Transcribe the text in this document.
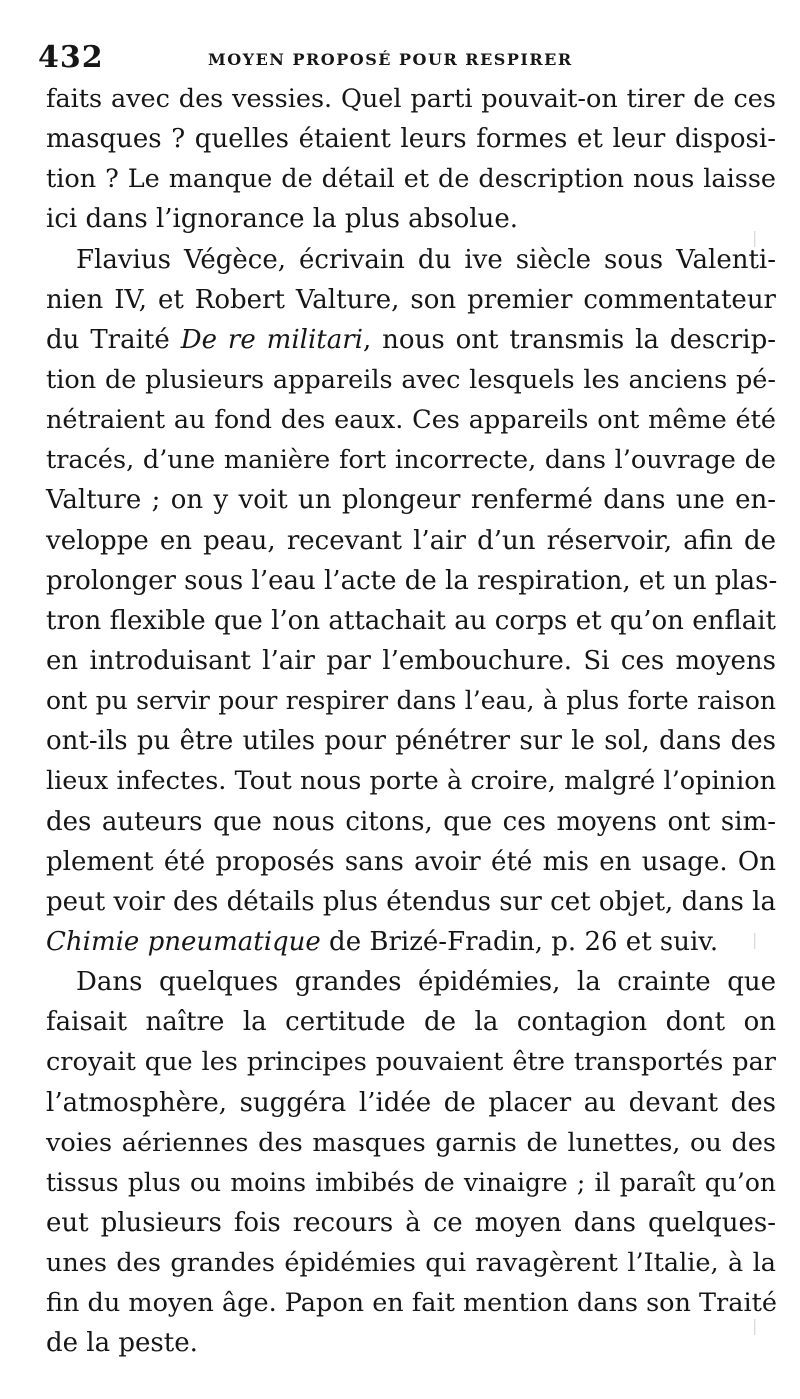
432	MOYEN PROPOSÉ POUR RESPIRER
faits avec des vessies. Quel parti pouvait-on tirer de ces
masques ? quelles étaient leurs formes et leur disposi-
tion ? Le manque de détail et de description nous laisse
ici dans l’ignorance la plus absolue.
Flavius Végèce, écrivain du ive siècle sous Valenti-
nien IV, et Robert Valture, son premier commentateur
du Traité De re militari, nous ont transmis la descrip-
tion de plusieurs appareils avec lesquels les anciens pé-
nétraient au fond des eaux. Ces appareils ont même été
tracés, d’une manière fort incorrecte, dans l’ouvrage de
Valture ; on y voit un plongeur renfermé dans une en-
veloppe en peau, recevant l’air d’un réservoir, afin de
prolonger sous l’eau l’acte de la respiration, et un plas-
tron flexible que l’on attachait au corps et qu’on enflait
en introduisant l’air par l’embouchure. Si ces moyens
ont pu servir pour respirer dans l’eau, à plus forte raison
ont-ils pu être utiles pour pénétrer sur le sol, dans des
lieux infectes. Tout nous porte à croire, malgré l’opinion
des auteurs que nous citons, que ces moyens ont sim-
plement été proposés sans avoir été mis en usage. On
peut voir des détails plus étendus sur cet objet, dans la
Chimie pneumatique de Brizé-Fradin, p. 26 et suiv.
Dans quelques grandes épidémies, la crainte que
faisait naître la certitude de la contagion dont on
croyait que les principes pouvaient être transportés par
l’atmosphère, suggéra l’idée de placer au devant des
voies aériennes des masques garnis de lunettes, ou des
tissus plus ou moins imbibés de vinaigre ; il paraît qu’on
eut plusieurs fois recours à ce moyen dans quelques-
unes des grandes épidémies qui ravagèrent l’Italie, à la
fin du moyen âge. Papon en fait mention dans son Traité
de la peste.
|
|
|
